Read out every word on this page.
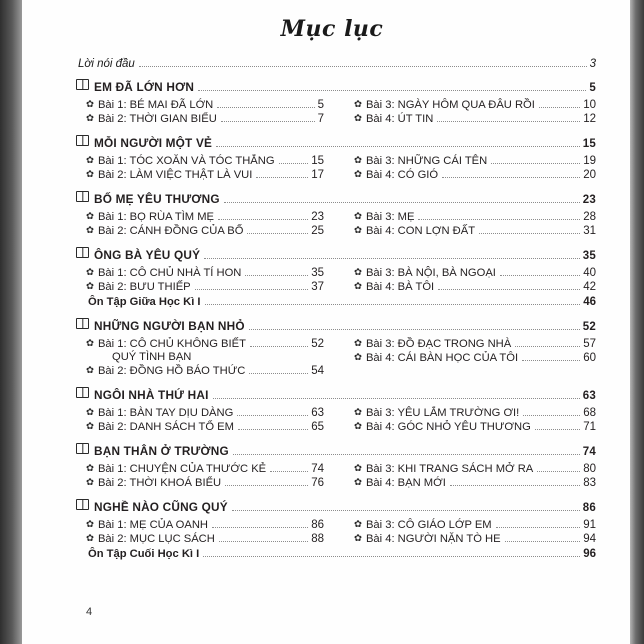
Mục lục
Lời nói đầu	3
EM ĐÃ LỚN HƠN	5
✿ Bài 1: BÉ MAI ĐÃ LỚN	5
✿ Bài 2: THỜI GIAN BIỂU	7
✿ Bài 3: NGÀY HÔM QUA ĐÂU RỒI	10
✿ Bài 4: ÚT TIN	12
MỖI NGƯỜI MỘT VẺ	15
✿ Bài 1: TÓC XOĂN VÀ TÓC THẲNG	15
✿ Bài 2: LÀM VIỆC THẬT LÀ VUI	17
✿ Bài 3: NHỮNG CÁI TÊN	19
✿ Bài 4: CÓ GIÓ	20
BỐ MẸ YÊU THƯƠNG	23
✿ Bài 1: BỌ RÙA TÌM MẸ	23
✿ Bài 2: CÁNH ĐỒNG CỦA BỐ	25
✿ Bài 3: MẸ	28
✿ Bài 4: CON LỢN ĐẤT	31
ÔNG BÀ YÊU QUÝ	35
✿ Bài 1: CÔ CHỦ NHÀ TÍ HON	35
✿ Bài 2: BƯU THIẾP	37
✿ Bài 3: BÀ NỘI, BÀ NGOẠI	40
✿ Bài 4: BÀ TÔI	42
Ôn Tập Giữa Học Kì I	46
NHỮNG NGƯỜI BẠN NHỎ	52
✿ Bài 1: CÔ CHỦ KHÔNG BIẾT	52
QUÝ TÌNH BẠN
✿ Bài 2: ĐỒNG HỒ BÁO THỨC	54
✿ Bài 3: ĐỒ ĐẠC TRONG NHÀ	57
✿ Bài 4: CÁI BÀN HỌC CỦA TÔI	60
NGÔI NHÀ THỨ HAI	63
✿ Bài 1: BÀN TAY DỊU DÀNG	63
✿ Bài 2: DANH SÁCH TỔ EM	65
✿ Bài 3: YÊU LẮM TRƯỜNG ƠI!	68
✿ Bài 4: GÓC NHỎ YÊU THƯƠNG	71
BẠN THÂN Ở TRƯỜNG	74
✿ Bài 1: CHUYỆN CỦA THƯỚC KẺ	74
✿ Bài 2: THỜI KHOÁ BIỂU	76
✿ Bài 3: KHI TRANG SÁCH MỞ RA	80
✿ Bài 4: BẠN MỚI	83
NGHỀ NÀO CŨNG QUÝ	86
✿ Bài 1: MẸ CỦA OANH	86
✿ Bài 2: MỤC LỤC SÁCH	88
✿ Bài 3: CÔ GIÁO LỚP EM	91
✿ Bài 4: NGƯỜI NẶN TÒ HE	94
Ôn Tập Cuối Học Kì I	96
4
